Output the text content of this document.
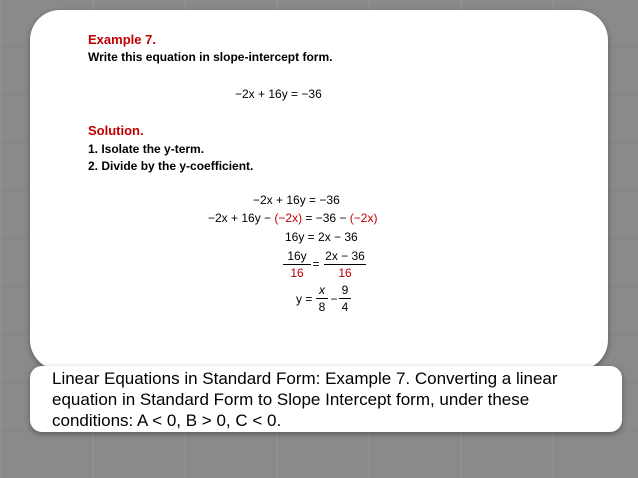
Example 7.
Write this equation in slope-intercept form.
−2x + 16y = −36
Solution.
1. Isolate the y-term.
2. Divide by the y-coefficient.
−2x + 16y = −36
−2x + 16y − (−2x) = −36 − (−2x)
16y = 2x − 36
16y
16
=
2x − 36
16
y =
x
8
−
9
4
Linear Equations in Standard Form: Example 7. Converting a linear equation in Standard Form to Slope Intercept form, under these conditions: A < 0, B > 0, C < 0.
